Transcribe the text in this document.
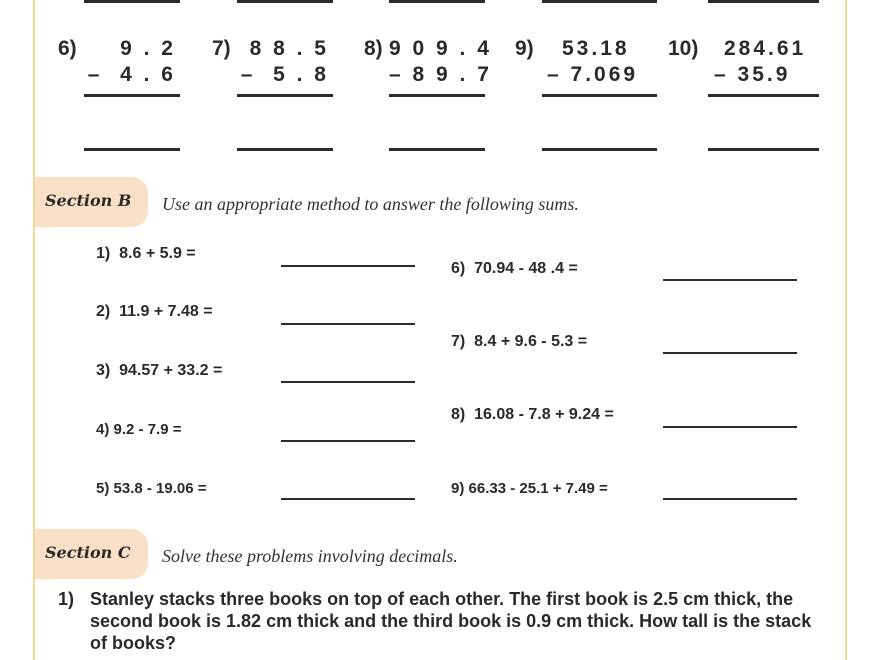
6)	9 . 2
–  4 . 6
7) 8 8 . 5
–  5 . 8
8) 9 0 9 . 4
– 8 9 . 7
9)	53.18
– 7.069
10)	284.61
– 35.9
Section B Use an appropriate method to answer the following sums.
1) 8.6 + 5.9 =
2) 11.9 + 7.48 =
3) 94.57 + 33.2 =
4) 9.2 - 7.9 =
5) 53.8 - 19.06 =
6) 70.94 - 48 .4 =
7) 8.4 + 9.6 - 5.3 =
8) 16.08 - 7.8 + 9.24 =
9) 66.33 - 25.1 + 7.49 =
Section C Solve these problems involving decimals.
1) Stanley stacks three books on top of each other. The first book is 2.5 cm thick, the second book is 1.82 cm thick and the third book is 0.9 cm thick. How tall is the stack of books?
